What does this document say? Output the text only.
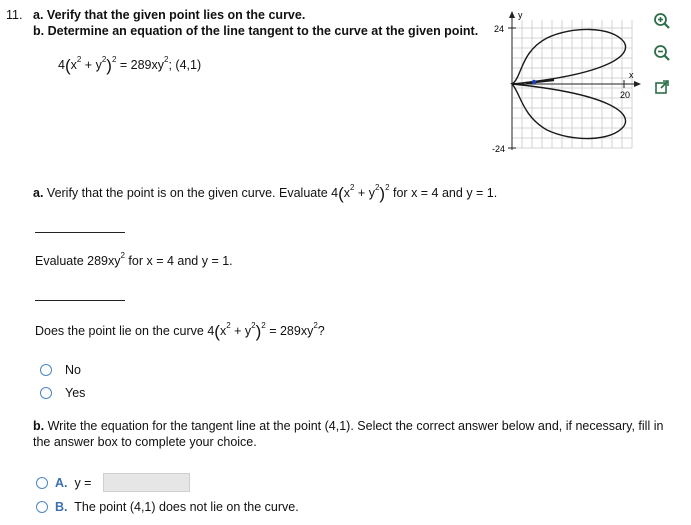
11. a. Verify that the given point lies on the curve.
b. Determine an equation of the line tangent to the curve at the given point.
$4(x^2 + y^2)^2 = 289xy^2$; (4,1)
y
x
24
-24
20
a. Verify that the point is on the given curve. Evaluate $4(x^2 + y^2)^2$ for x = 4 and y = 1.
Evaluate $289xy^2$ for x = 4 and y = 1.
Does the point lie on the curve $4(x^2 + y^2)^2 = 289xy^2$?
No
Yes
b. Write the equation for the tangent line at the point (4,1). Select the correct answer below and, if necessary, fill in the answer box to complete your choice.
A. y =
B. The point (4,1) does not lie on the curve.
